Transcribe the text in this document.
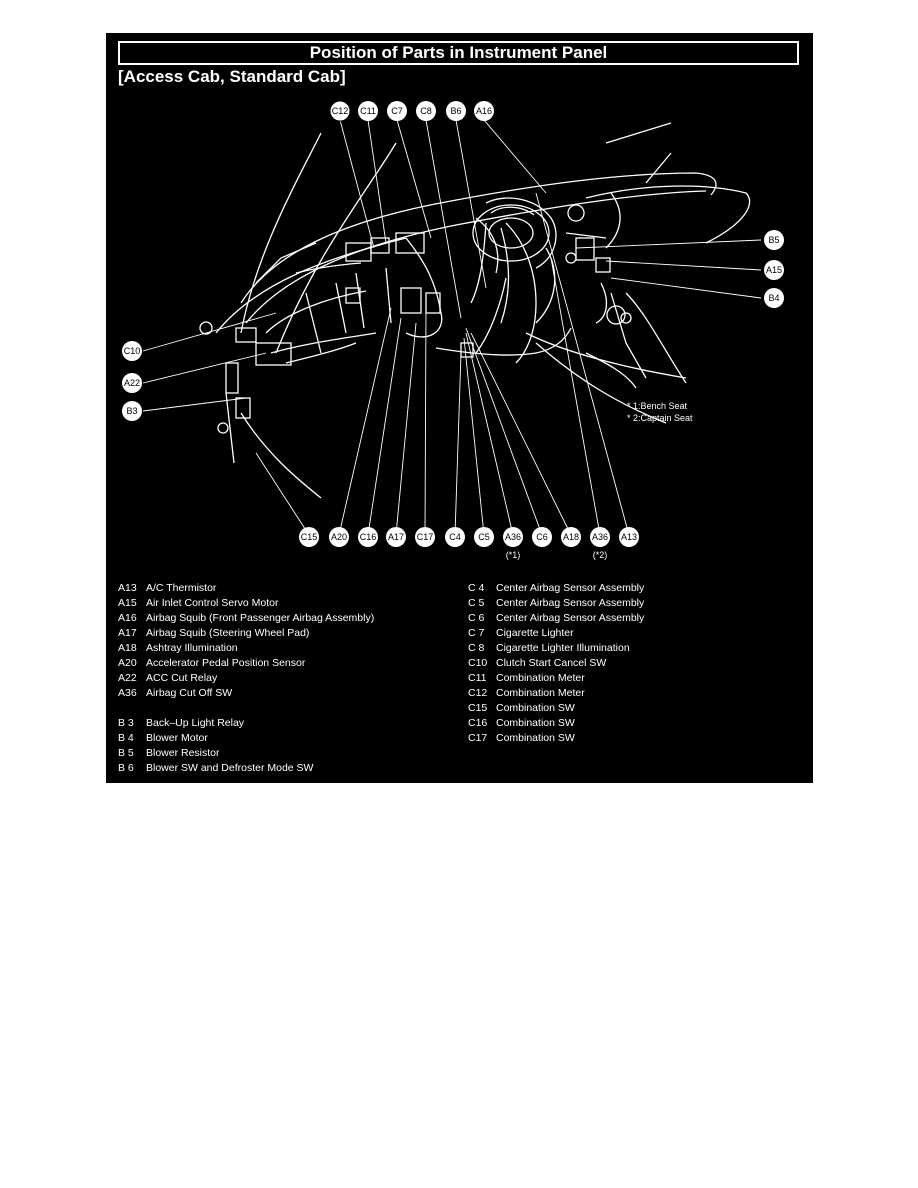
C12 C11 C7 C8 B6 A16
B5
A15
B4
C10
A22
B3
C15 A20 C16 A17 C17 C4 C5 A36 C6 A18 A36 A13
(*1)	(*2)
* 1:Bench Seat
* 2:Captain Seat
Position of Parts in Instrument Panel
[Access Cab, Standard Cab]
A13 A/C Thermistor
A15 Air Inlet Control Servo Motor
A16 Airbag Squib (Front Passenger Airbag Assembly)
A17 Airbag Squib (Steering Wheel Pad)
A18 Ashtray Illumination
A20 Accelerator Pedal Position Sensor
A22 ACC Cut Relay
A36 Airbag Cut Off SW
B 3 Back–Up Light Relay
B 4 Blower Motor
B 5 Blower Resistor
B 6 Blower SW and Defroster Mode SW
C 4 Center Airbag Sensor Assembly
C 5 Center Airbag Sensor Assembly
C 6 Center Airbag Sensor Assembly
C 7 Cigarette Lighter
C 8 Cigarette Lighter Illumination
C10 Clutch Start Cancel SW
C11 Combination Meter
C12 Combination Meter
C15 Combination SW
C16 Combination SW
C17 Combination SW
